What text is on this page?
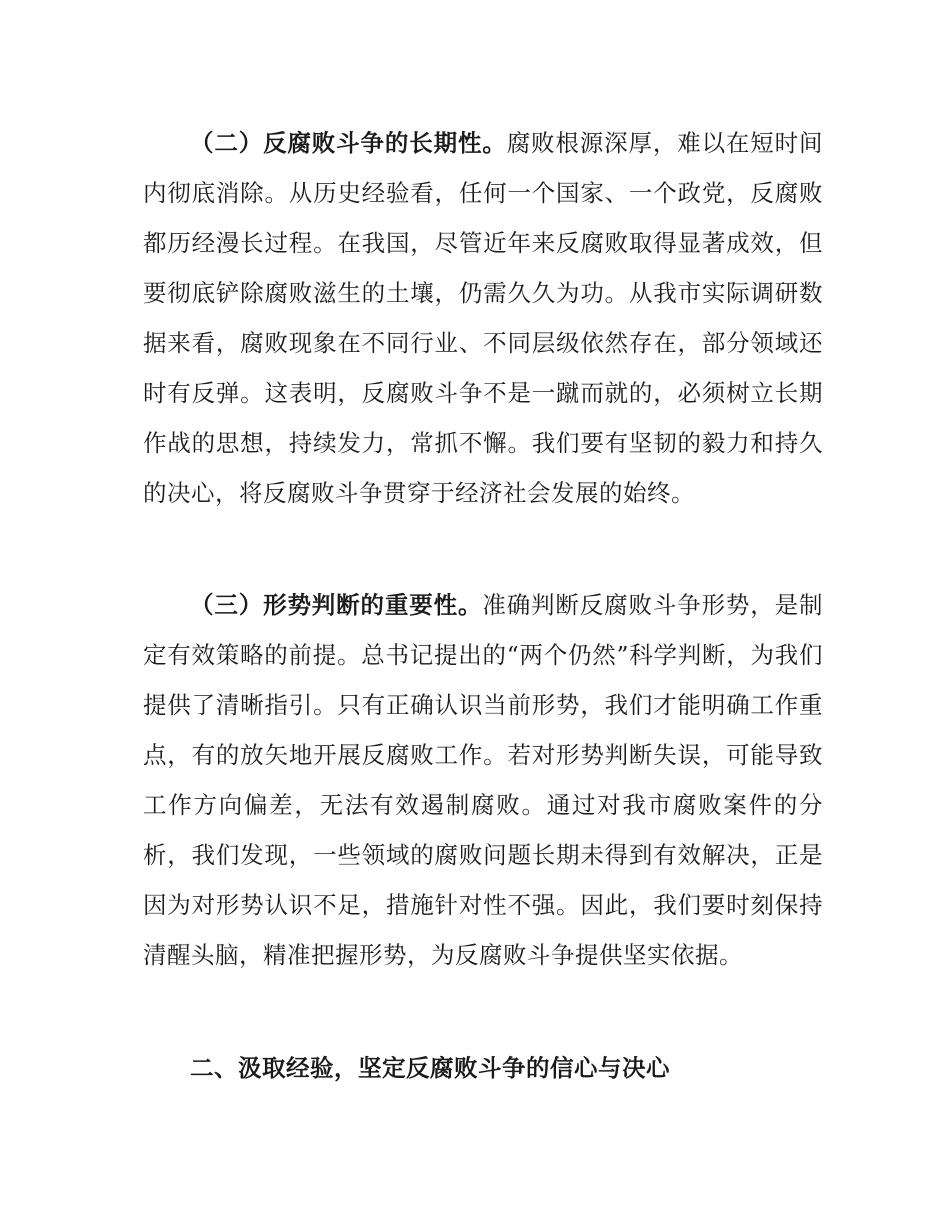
（二）反腐败斗争的长期性。腐败根源深厚，难以在短时间内彻底消除。从历史经验看，任何一个国家、一个政党，反腐败都历经漫长过程。在我国，尽管近年来反腐败取得显著成效，但要彻底铲除腐败滋生的土壤，仍需久久为功。从我市实际调研数据来看，腐败现象在不同行业、不同层级依然存在，部分领域还时有反弹。这表明，反腐败斗争不是一蹴而就的，必须树立长期作战的思想，持续发力，常抓不懈。我们要有坚韧的毅力和持久的决心，将反腐败斗争贯穿于经济社会发展的始终。

（三）形势判断的重要性。准确判断反腐败斗争形势，是制定有效策略的前提。总书记提出的“两个仍然”科学判断，为我们提供了清晰指引。只有正确认识当前形势，我们才能明确工作重点，有的放矢地开展反腐败工作。若对形势判断失误，可能导致工作方向偏差，无法有效遏制腐败。通过对我市腐败案件的分析，我们发现，一些领域的腐败问题长期未得到有效解决，正是因为对形势认识不足，措施针对性不强。因此，我们要时刻保持清醒头脑，精准把握形势，为反腐败斗争提供坚实依据。

二、汲取经验，坚定反腐败斗争的信心与决心
